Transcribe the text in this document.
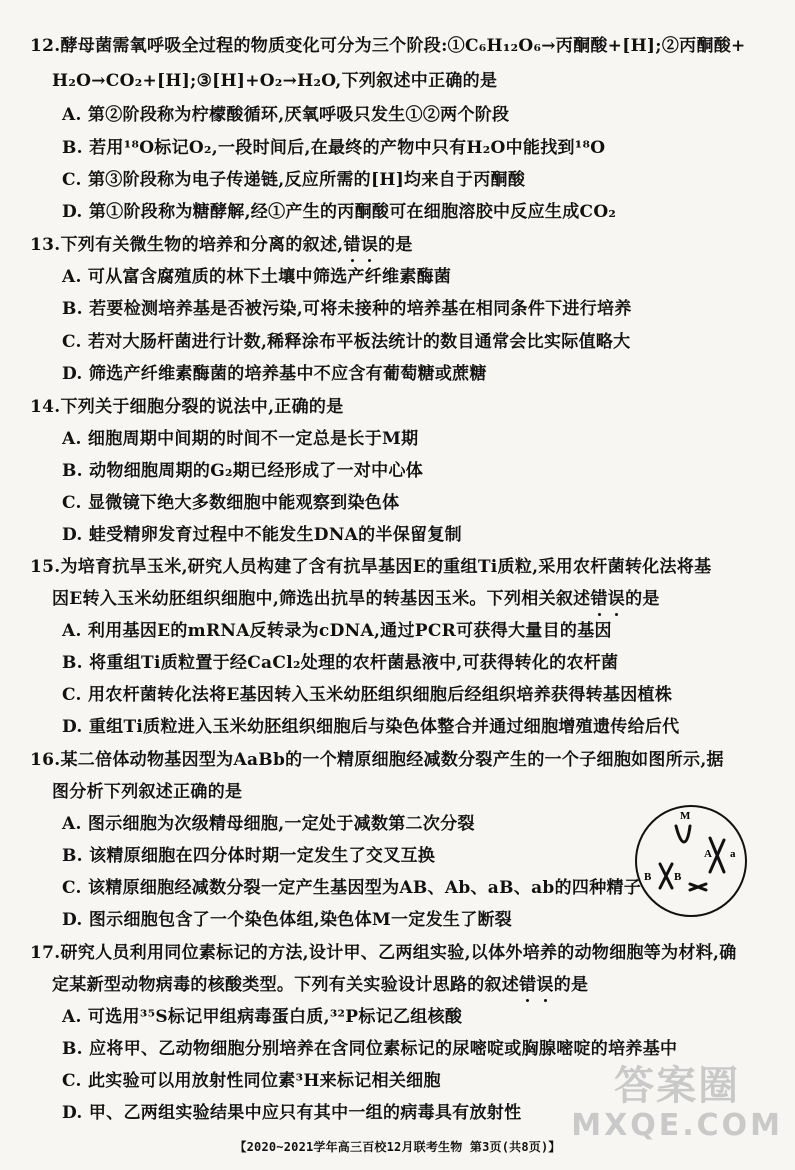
12.酵母菌需氧呼吸全过程的物质变化可分为三个阶段:①C₆H₁₂O₆→丙酮酸+[H];②丙酮酸+
H₂O→CO₂+[H];③[H]+O₂→H₂O,下列叙述中正确的是
A. 第②阶段称为柠檬酸循环,厌氧呼吸只发生①②两个阶段
B. 若用¹⁸O标记O₂,一段时间后,在最终的产物中只有H₂O中能找到¹⁸O
C. 第③阶段称为电子传递链,反应所需的[H]均来自于丙酮酸
D. 第①阶段称为糖酵解,经①产生的丙酮酸可在细胞溶胶中反应生成CO₂
13.下列有关微生物的培养和分离的叙述,错误的是
A. 可从富含腐殖质的林下土壤中筛选产纤维素酶菌
B. 若要检测培养基是否被污染,可将未接种的培养基在相同条件下进行培养
C. 若对大肠杆菌进行计数,稀释涂布平板法统计的数目通常会比实际值略大
D. 筛选产纤维素酶菌的培养基中不应含有葡萄糖或蔗糖
14.下列关于细胞分裂的说法中,正确的是
A. 细胞周期中间期的时间不一定总是长于M期
B. 动物细胞周期的G₂期已经形成了一对中心体
C. 显微镜下绝大多数细胞中能观察到染色体
D. 蛙受精卵发育过程中不能发生DNA的半保留复制
15.为培育抗旱玉米,研究人员构建了含有抗旱基因E的重组Ti质粒,采用农杆菌转化法将基
因E转入玉米幼胚组织细胞中,筛选出抗旱的转基因玉米。下列相关叙述错误的是
A. 利用基因E的mRNA反转录为cDNA,通过PCR可获得大量目的基因
B. 将重组Ti质粒置于经CaCl₂处理的农杆菌悬液中,可获得转化的农杆菌
C. 用农杆菌转化法将E基因转入玉米幼胚组织细胞后经组织培养获得转基因植株
D. 重组Ti质粒进入玉米幼胚组织细胞后与染色体整合并通过细胞增殖遗传给后代
16.某二倍体动物基因型为AaBb的一个精原细胞经减数分裂产生的一个子细胞如图所示,据
图分析下列叙述正确的是
A. 图示细胞为次级精母细胞,一定处于减数第二次分裂
B. 该精原细胞在四分体时期一定发生了交叉互换
C. 该精原细胞经减数分裂一定产生基因型为AB、Ab、aB、ab的四种精子
D. 图示细胞包含了一个染色体组,染色体M一定发生了断裂
M
A a
B B
17.研究人员利用同位素标记的方法,设计甲、乙两组实验,以体外培养的动物细胞等为材料,确
定某新型动物病毒的核酸类型。下列有关实验设计思路的叙述错误的是
A. 可选用³⁵S标记甲组病毒蛋白质,³²P标记乙组核酸
B. 应将甲、乙动物细胞分别培养在含同位素标记的尿嘧啶或胸腺嘧啶的培养基中
C. 此实验可以用放射性同位素³H来标记相关细胞
D. 甲、乙两组实验结果中应只有其中一组的病毒具有放射性
【2020~2021学年高三百校12月联考生物 第3页(共8页)】
答案圈
MXQE.COM
